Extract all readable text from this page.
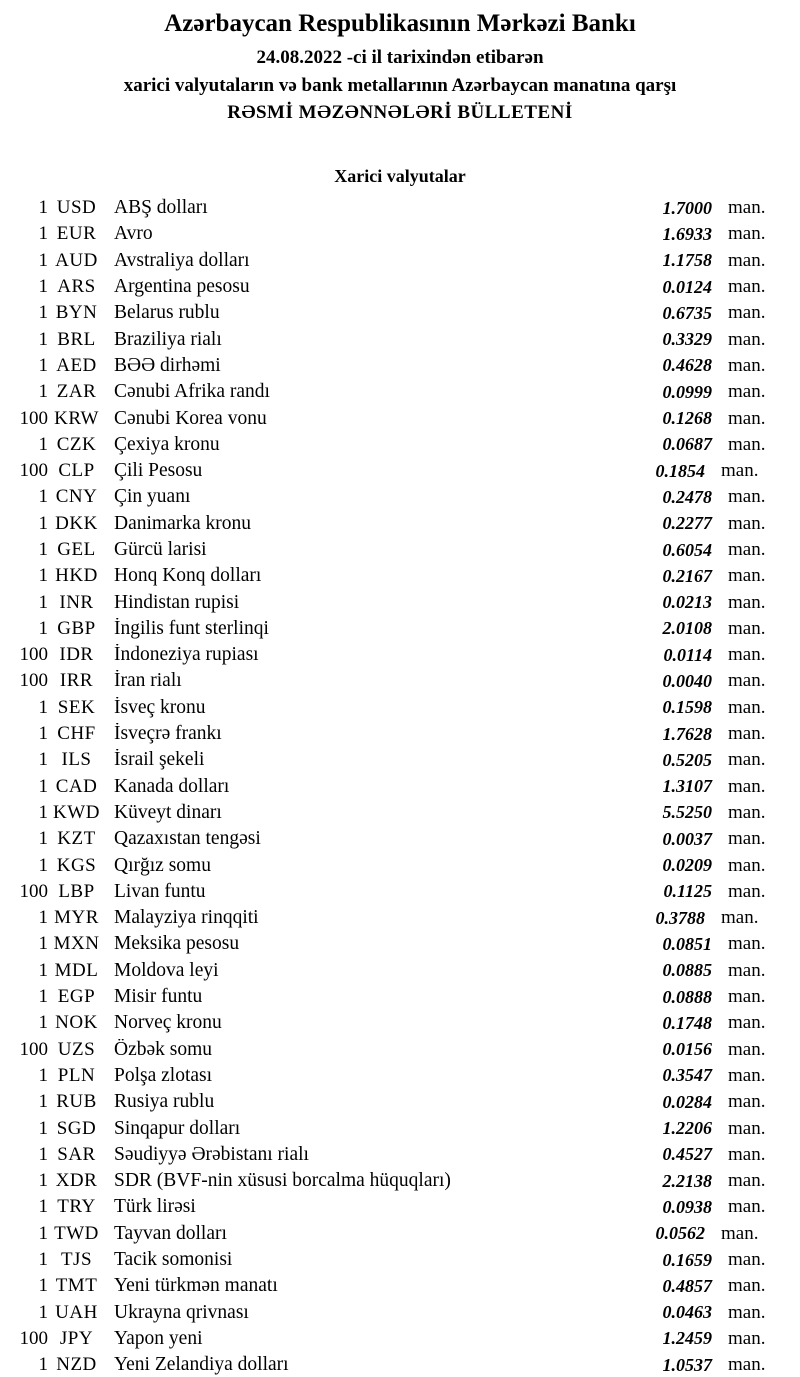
Azərbaycan Respublikasının Mərkəzi Bankı
24.08.2022 -ci il tarixindən etibarən
xarici valyutaların və bank metallarının Azərbaycan manatına qarşı
RƏSMİ MƏZƏNNƏLƏRİ BÜLLETENİ
Xarici valyutalar
1 USD ABŞ dolları	1.7000 man.
1 EUR Avro	1.6933 man.
1 AUD Avstraliya dolları	1.1758 man.
1 ARS Argentina pesosu	0.0124 man.
1 BYN Belarus rublu	0.6735 man.
1 BRL Braziliya rialı	0.3329 man.
1 AED BƏƏ dirhəmi	0.4628 man.
1 ZAR Cənubi Afrika randı	0.0999 man.
100 KRW Cənubi Korea vonu	0.1268 man.
1 CZK Çexiya kronu	0.0687 man.
100 CLP Çili Pesosu	0.1854 man.
1 CNY Çin yuanı	0.2478 man.
1 DKK Danimarka kronu	0.2277 man.
1 GEL Gürcü larisi	0.6054 man.
1 HKD Honq Konq dolları	0.2167 man.
1 INR	Hindistan rupisi	0.0213 man.
1 GBP İngilis funt sterlinqi	2.0108 man.
100 IDR	İndoneziya rupiası	0.0114 man.
100 IRR	İran rialı	0.0040 man.
1 SEK İsveç kronu	0.1598 man.
1 CHF İsveçrə frankı	1.7628 man.
1 ILS	İsrail şekeli	0.5205 man.
1 CAD Kanada dolları	1.3107 man.
1 KWD Küveyt dinarı	5.5250 man.
1 KZT Qazaxıstan tengəsi	0.0037 man.
1 KGS Qırğız somu	0.0209 man.
100 LBP Livan funtu	0.1125 man.
1 MYR Malayziya rinqqiti	0.3788 man.
1 MXN Meksika pesosu	0.0851 man.
1 MDL Moldova leyi	0.0885 man.
1 EGP Misir funtu	0.0888 man.
1 NOK Norveç kronu	0.1748 man.
100 UZS Özbək somu	0.0156 man.
1 PLN Polşa zlotası	0.3547 man.
1 RUB Rusiya rublu	0.0284 man.
1 SGD Sinqapur dolları	1.2206 man.
1 SAR Səudiyyə Ərəbistanı rialı	0.4527 man.
1 XDR SDR (BVF-nin xüsusi borcalma hüquqları)	2.2138 man.
1 TRY Türk lirəsi	0.0938 man.
1 TWD Tayvan dolları	0.0562 man.
1 TJS	Tacik somonisi	0.1659 man.
1 TMT Yeni türkmən manatı	0.4857 man.
1 UAH Ukrayna qrivnası	0.0463 man.
100 JPY	Yapon yeni	1.2459 man.
1 NZD Yeni Zelandiya dolları	1.0537 man.
